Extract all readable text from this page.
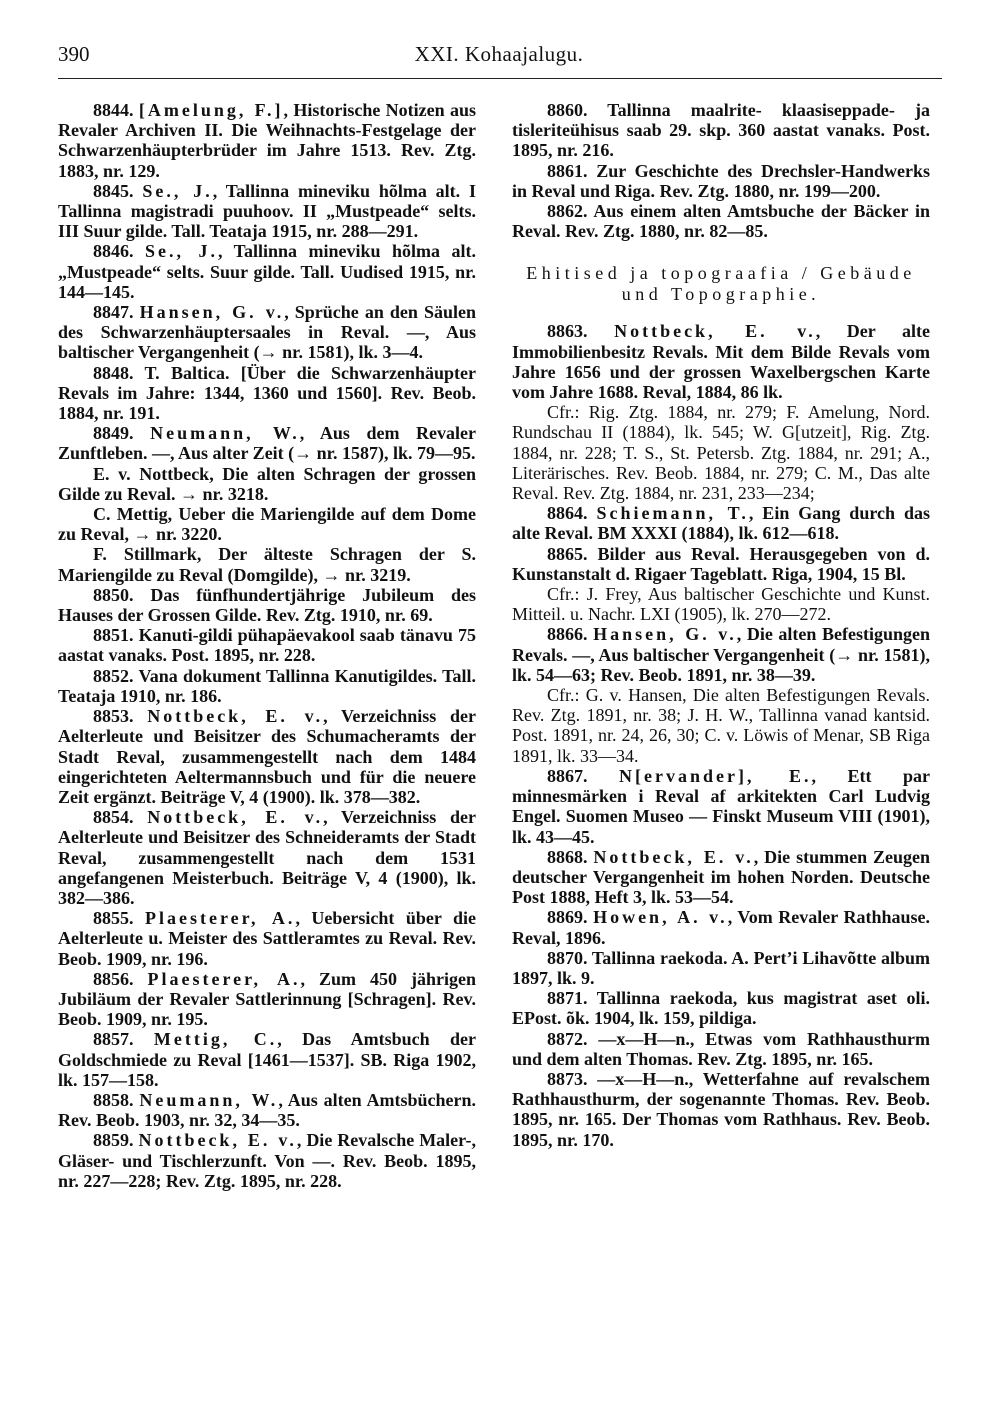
390	XXI. Kohaajalugu.
8844. [Amelung, F.], Historische Notizen aus Revaler Archiven II. Die Weihnachts-Festgelage der Schwarzenhäupterbrüder im Jahre 1513. Rev. Ztg. 1883, nr. 129.
8845. Se., J., Tallinna mineviku hõlma alt. I Tallinna magistradi puuhoov. II „Mustpeade“ selts. III Suur gilde. Tall. Teataja 1915, nr. 288—291.
8846. Se., J., Tallinna mineviku hõlma alt. „Mustpeade“ selts. Suur gilde. Tall. Uudised 1915, nr. 144—145.
8847. Hansen, G. v., Sprüche an den Säulen des Schwarzenhäuptersaales in Reval. —, Aus baltischer Vergangenheit (→ nr. 1581), lk. 3—4.
8848. T. Baltica. [Über die Schwarzenhäupter Revals im Jahre: 1344, 1360 und 1560]. Rev. Beob. 1884, nr. 191.
8849. Neumann, W., Aus dem Revaler Zunftleben. —, Aus alter Zeit (→ nr. 1587), lk. 79—95.
E. v. Nottbeck, Die alten Schragen der grossen Gilde zu Reval. → nr. 3218.
C. Mettig, Ueber die Mariengilde auf dem Dome zu Reval, → nr. 3220.
F. Stillmark, Der älteste Schragen der S. Mariengilde zu Reval (Domgilde), → nr. 3219.
8850. Das fünfhundertjährige Jubileum des Hauses der Grossen Gilde. Rev. Ztg. 1910, nr. 69.
8851. Kanuti-gildi pühapäevakool saab tänavu 75 aastat vanaks. Post. 1895, nr. 228.
8852. Vana dokument Tallinna Kanutigildes. Tall. Teataja 1910, nr. 186.
8853. Nottbeck, E. v., Verzeichniss der Aelterleute und Beisitzer des Schumacheramts der Stadt Reval, zusammengestellt nach dem 1484 eingerichteten Aeltermannsbuch und für die neuere Zeit ergänzt. Beiträge V, 4 (1900). lk. 378—382.
8854. Nottbeck, E. v., Verzeichniss der Aelterleute und Beisitzer des Schneideramts der Stadt Reval, zusammengestellt nach dem 1531 angefangenen Meisterbuch. Beiträge V, 4 (1900), lk. 382—386.
8855. Plaesterer, A., Uebersicht über die Aelterleute u. Meister des Sattleramtes zu Reval. Rev. Beob. 1909, nr. 196.
8856. Plaesterer, A., Zum 450 jährigen Jubiläum der Revaler Sattlerinnung [Schragen]. Rev. Beob. 1909, nr. 195.
8857. Mettig, C., Das Amtsbuch der Goldschmiede zu Reval [1461—1537]. SB. Riga 1902, lk. 157—158.
8858. Neumann, W., Aus alten Amtsbüchern. Rev. Beob. 1903, nr. 32, 34—35.
8859. Nottbeck, E. v., Die Revalsche Maler-, Gläser- und Tischlerzunft. Von —. Rev. Beob. 1895, nr. 227—228; Rev. Ztg. 1895, nr. 228.
8860. Tallinna maalrite- klaasiseppade- ja tisleriteühisus saab 29. skp. 360 aastat vanaks. Post. 1895, nr. 216.
8861. Zur Geschichte des Drechsler-Handwerks in Reval und Riga. Rev. Ztg. 1880, nr. 199—200.
8862. Aus einem alten Amtsbuche der Bäcker in Reval. Rev. Ztg. 1880, nr. 82—85.
Ehitised ja topograafia / Gebäude und Topographie.
8863. Nottbeck, E. v., Der alte Immobilienbesitz Revals. Mit dem Bilde Revals vom Jahre 1656 und der grossen Waxelbergschen Karte vom Jahre 1688. Reval, 1884, 86 lk.
Cfr.: Rig. Ztg. 1884, nr. 279; F. Amelung, Nord. Rundschau II (1884), lk. 545; W. G[utzeit], Rig. Ztg. 1884, nr. 228; T. S., St. Petersb. Ztg. 1884, nr. 291; A., Literärisches. Rev. Beob. 1884, nr. 279; C. M., Das alte Reval. Rev. Ztg. 1884, nr. 231, 233—234;
8864. Schiemann, T., Ein Gang durch das alte Reval. BM XXXI (1884), lk. 612—618.
8865. Bilder aus Reval. Herausgegeben von d. Kunstanstalt d. Rigaer Tageblatt. Riga, 1904, 15 Bl.
Cfr.: J. Frey, Aus baltischer Geschichte und Kunst. Mitteil. u. Nachr. LXI (1905), lk. 270—272.
8866. Hansen, G. v., Die alten Befestigungen Revals. —, Aus baltischer Vergangenheit (→ nr. 1581), lk. 54—63; Rev. Beob. 1891, nr. 38—39.
Cfr.: G. v. Hansen, Die alten Befestigungen Revals. Rev. Ztg. 1891, nr. 38; J. H. W., Tallinna vanad kantsid. Post. 1891, nr. 24, 26, 30; C. v. Löwis of Menar, SB Riga 1891, lk. 33—34.
8867. N[ervander], E., Ett par minnesmärken i Reval af arkitekten Carl Ludvig Engel. Suomen Museo — Finskt Museum VIII (1901), lk. 43—45.
8868. Nottbeck, E. v., Die stummen Zeugen deutscher Vergangenheit im hohen Norden. Deutsche Post 1888, Heft 3, lk. 53—54.
8869. Howen, A. v., Vom Revaler Rathhause. Reval, 1896.
8870. Tallinna raekoda. A. Pert’i Lihavõtte album 1897, lk. 9.
8871. Tallinna raekoda, kus magistrat aset oli. EPost. õk. 1904, lk. 159, pildiga.
8872. —x—H—n., Etwas vom Rathhausthurm und dem alten Thomas. Rev. Ztg. 1895, nr. 165.
8873. —x—H—n., Wetterfahne auf revalschem Rathhausthurm, der sogenannte Thomas. Rev. Beob. 1895, nr. 165. Der Thomas vom Rathhaus. Rev. Beob. 1895, nr. 170.
